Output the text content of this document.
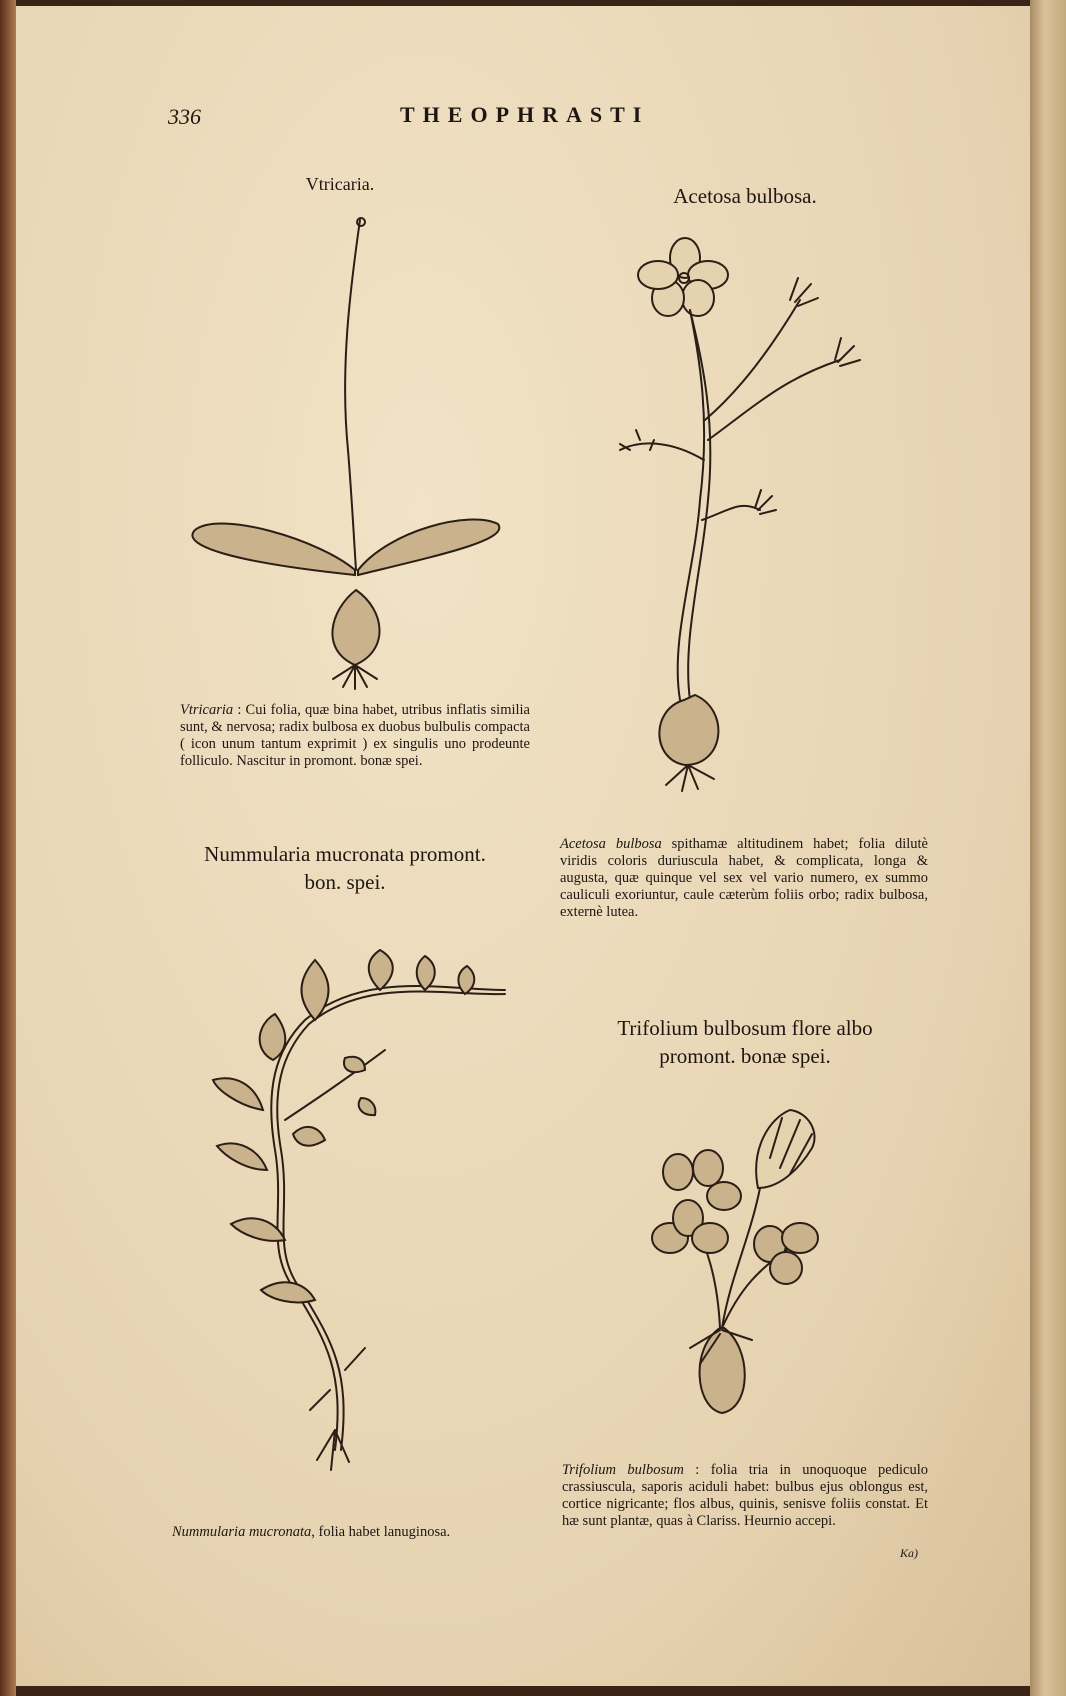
336	THEOPHRASTI
Vtricaria.
Vtricaria : Cui folia, quæ bina habet, utribus inflatis similia sunt, & nervosa; radix bulbosa ex duobus bulbulis compacta ( icon unum tantum exprimit ) ex singulis uno prodeunte folliculo. Nascitur in promont. bonæ spei.
Acetosa bulbosa.
Acetosa bulbosa spithamæ altitudinem habet; folia dilutè viridis coloris duriuscula habet, & complicata, longa & augusta, quæ quinque vel sex vel vario numero, ex summo cauliculi exoriuntur, caule cæterùm foliis orbo; radix bulbosa, externè lutea.
Nummularia mucronata promont.
bon. spei.
Nummularia mucronata, folia habet lanuginosa.
Trifolium bulbosum flore albo
promont. bonæ spei.
Trifolium bulbosum : folia tria in unoquoque pediculo crassiuscula, saporis aciduli habet: bulbus ejus oblongus est, cortice nigricante; flos albus, quinis, senisve foliis constat. Et hæ sunt plantæ, quas à Clariss. Heurnio accepi.
Ka)
